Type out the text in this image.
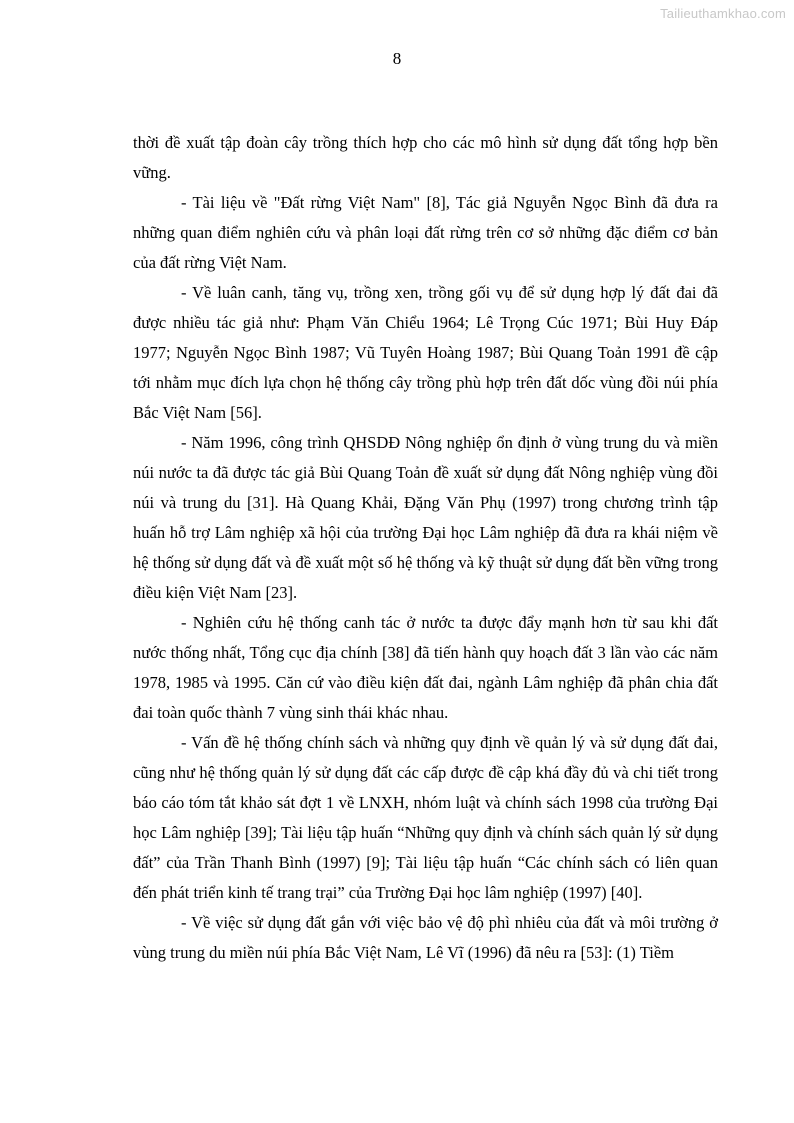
Tailieuthamkhao.com
8

thời đề xuất tập đoàn cây trồng thích hợp cho các mô hình sử dụng đất tổng hợp bền vững.

- Tài liệu về "Đất rừng Việt Nam" [8], Tác giả Nguyễn Ngọc Bình đã đưa ra những quan điểm nghiên cứu và phân loại đất rừng trên cơ sở những đặc điểm cơ bản của đất rừng Việt Nam.

- Về luân canh, tăng vụ, trồng xen, trồng gối vụ để sử dụng hợp lý đất đai đã được nhiều tác giả như: Phạm Văn Chiểu 1964; Lê Trọng Cúc 1971; Bùi Huy Đáp 1977; Nguyễn Ngọc Bình 1987; Vũ Tuyên Hoàng 1987; Bùi Quang Toản 1991 đề cập tới nhằm mục đích lựa chọn hệ thống cây trồng phù hợp trên đất dốc vùng đồi núi phía Bắc Việt Nam [56].

- Năm 1996, công trình QHSDĐ Nông nghiệp ổn định ở vùng trung du và miền núi nước ta đã được tác giả Bùi Quang Toản đề xuất sử dụng đất Nông nghiệp vùng đồi núi và trung du [31]. Hà Quang Khải, Đặng Văn Phụ (1997) trong chương trình tập huấn hỗ trợ Lâm nghiệp xã hội của trường Đại học Lâm nghiệp đã đưa ra khái niệm về hệ thống sử dụng đất và đề xuất một số hệ thống và kỹ thuật sử dụng đất bền vững trong điều kiện Việt Nam [23].

- Nghiên cứu hệ thống canh tác ở nước ta được đẩy mạnh hơn từ sau khi đất nước thống nhất, Tổng cục địa chính [38] đã tiến hành quy hoạch đất 3 lần vào các năm 1978, 1985 và 1995. Căn cứ vào điều kiện đất đai, ngành Lâm nghiệp đã phân chia đất đai toàn quốc thành 7 vùng sinh thái khác nhau.

- Vấn đề hệ thống chính sách và những quy định về quản lý và sử dụng đất đai, cũng như hệ thống quản lý sử dụng đất các cấp được đề cập khá đầy đủ và chi tiết trong báo cáo tóm tắt khảo sát đợt 1 về LNXH, nhóm luật và chính sách 1998 của trường Đại học Lâm nghiệp [39]; Tài liệu tập huấn “Những quy định và chính sách quản lý sử dụng đất” của Trần Thanh Bình (1997) [9]; Tài liệu tập huấn “Các chính sách có liên quan đến phát triển kinh tế trang trại” của Trường Đại học lâm nghiệp (1997) [40].

- Về việc sử dụng đất gắn với việc bảo vệ độ phì nhiêu của đất và môi trường ở vùng trung du miền núi phía Bắc Việt Nam, Lê Vĩ (1996) đã nêu ra [53]: (1) Tiềm
